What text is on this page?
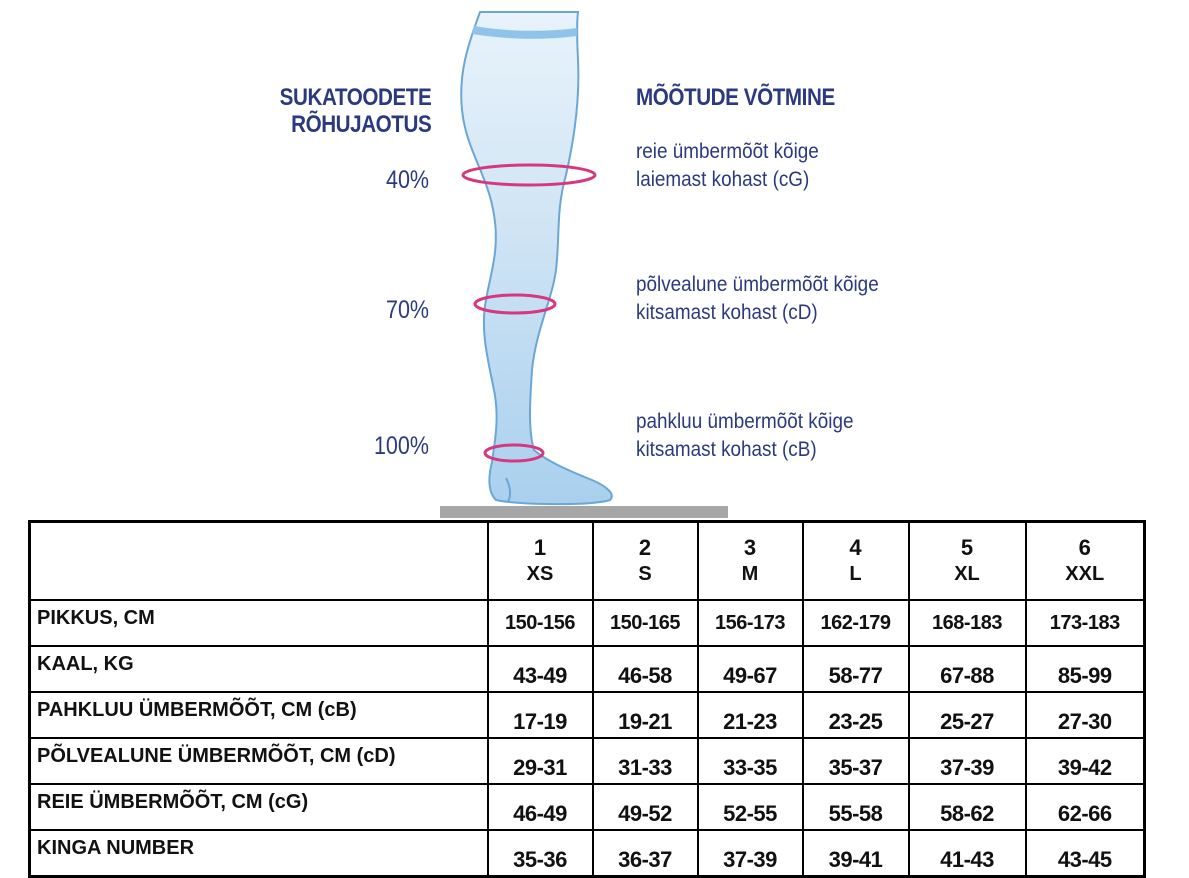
SUKATOODETE
RÕHUJAOTUS
MÕÕTUDE VÕTMINE
40%
70%
100%
reie ümbermõõt kõige
laiemast kohast (cG)
põlvealune ümbermõõt kõige
kitsamast kohast (cD)
pahkluu ümbermõõt kõige
kitsamast kohast (cB)
	1	2	3	4	5	6
	XS	S	M	L	XL	XXL
PIKKUS, CM	150-156	150-165	156-173	162-179	168-183	173-183
KAAL, KG	43-49	46-58	49-67	58-77	67-88	85-99
PAHKLUU ÜMBERMÕÕT, CM (cB)	17-19	19-21	21-23	23-25	25-27	27-30
PÕLVEALUNE ÜMBERMÕÕT, CM (cD)	29-31	31-33	33-35	35-37	37-39	39-42
REIE ÜMBERMÕÕT, CM (cG)	46-49	49-52	52-55	55-58	58-62	62-66
KINGA NUMBER	35-36	36-37	37-39	39-41	41-43	43-45
